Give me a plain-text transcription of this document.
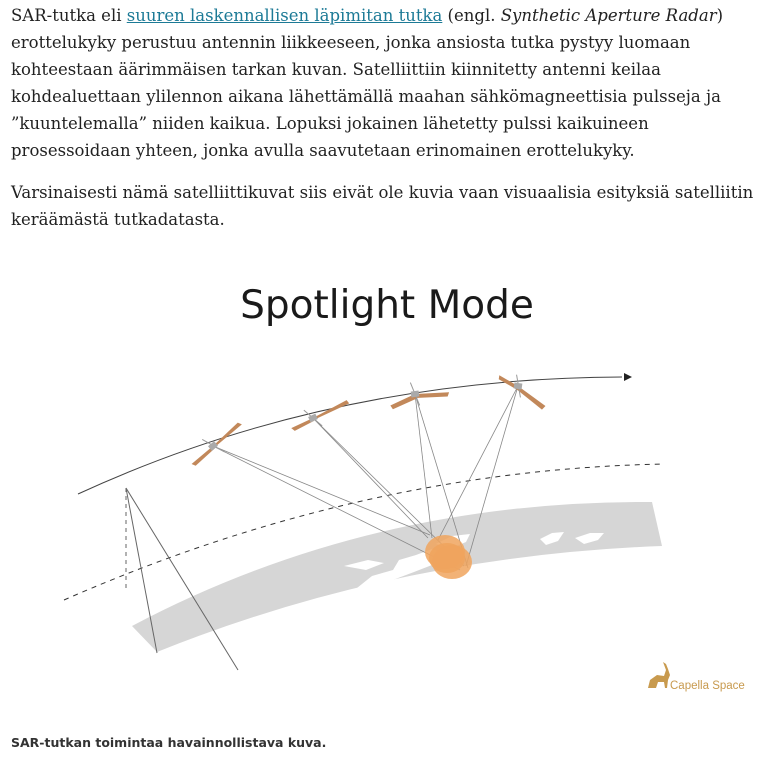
SAR-tutka eli suuren laskennallisen läpimitan tutka (engl. Synthetic Aperture Radar) erottelukyky perustuu antennin liikkeeseen, jonka ansiosta tutka pystyy luomaan kohteestaan äärimmäisen tarkan kuvan. Satelliittiin kiinnitetty antenni keilaa kohdealuettaan ylilennon aikana lähettämällä maahan sähkömagneettisia pulsseja ja ”kuuntelemalla” niiden kaikua. Lopuksi jokainen lähetetty pulssi kaikuineen prosessoidaan yhteen, jonka avulla saavutetaan erinomainen erottelukyky.

Varsinaisesti nämä satelliittikuvat siis eivät ole kuvia vaan visuaalisia esityksiä satelliitin keräämästä tutkadatasta.

Spotlight Mode
Capella Space

SAR-tutkan toimintaa havainnollistava kuva.
